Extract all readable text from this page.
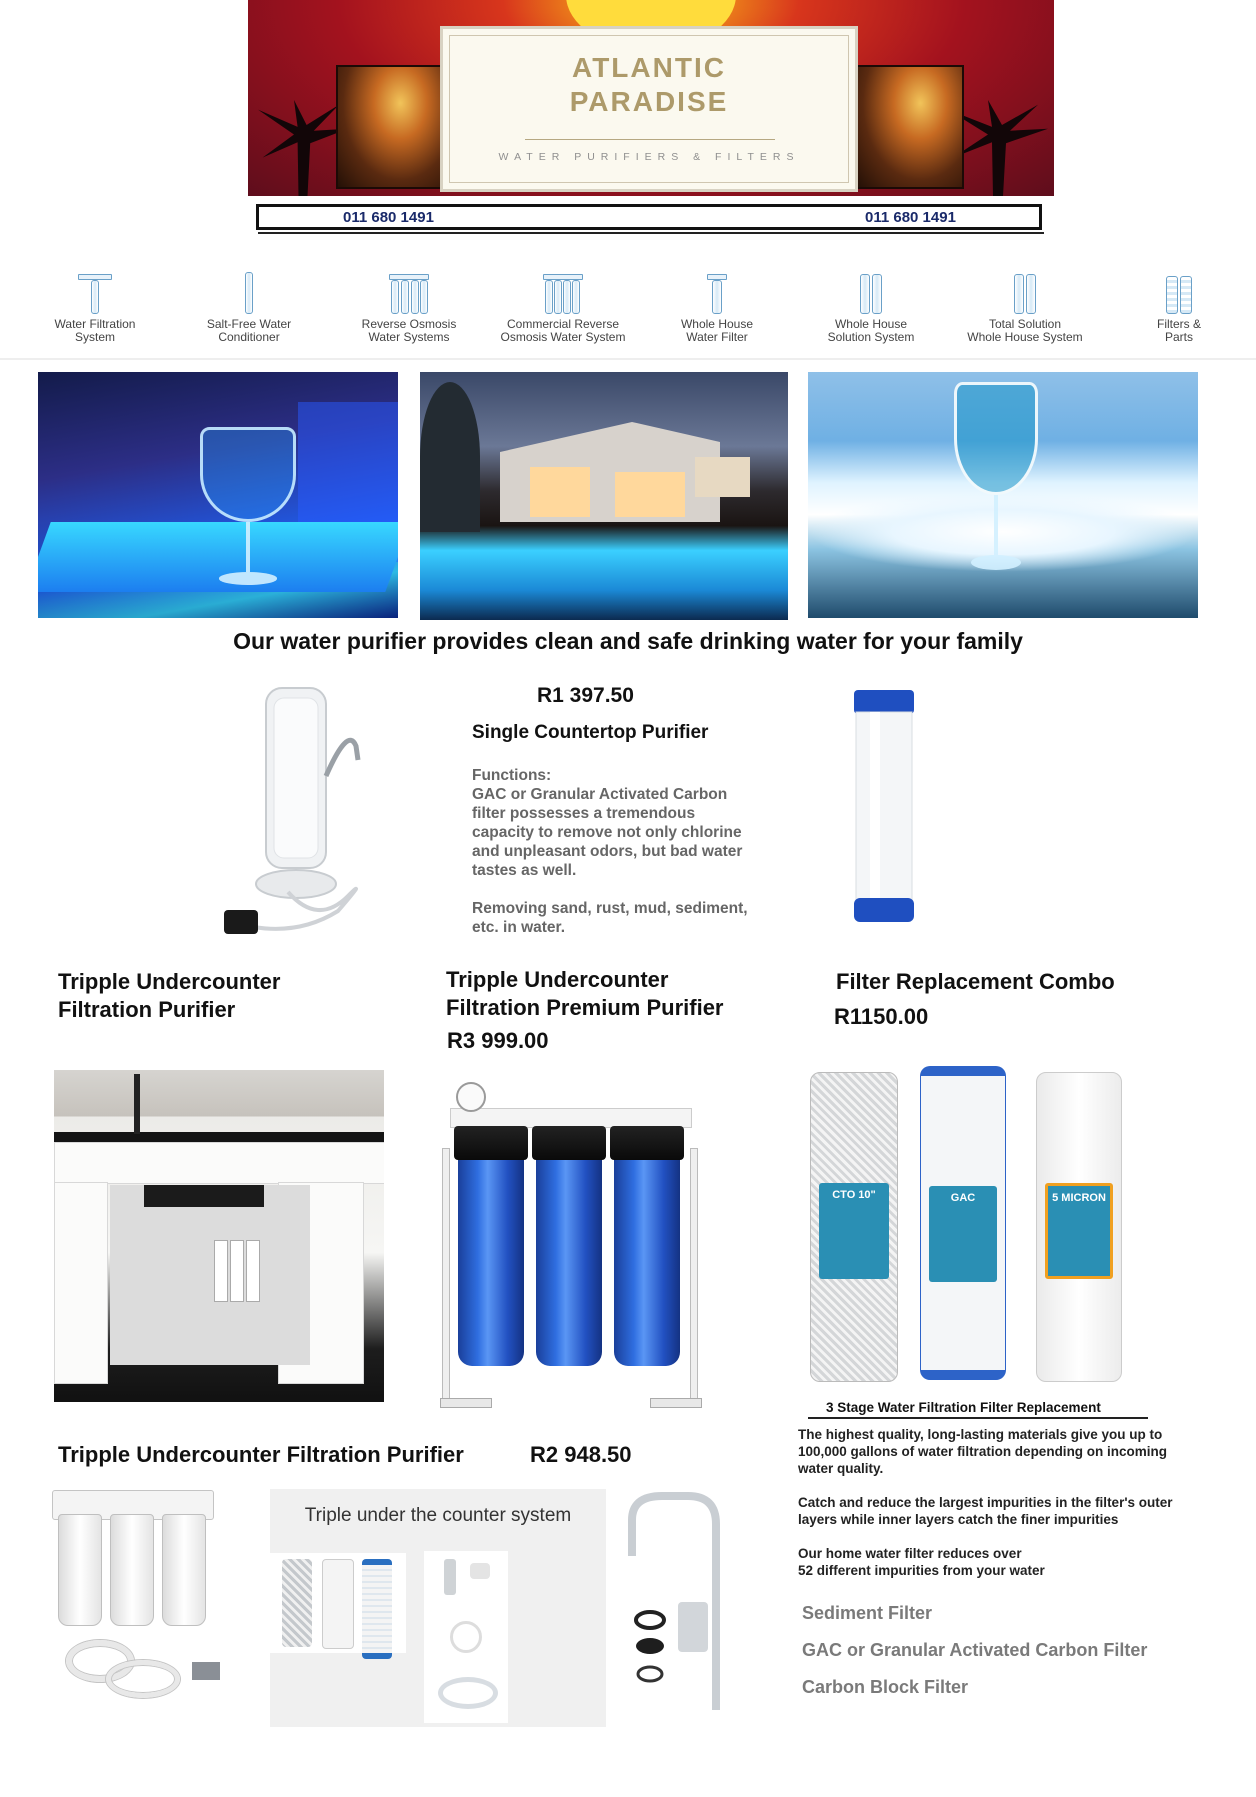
ATLANTIC
PARADISE
WATER PURIFIERS & FILTERS
011 680 1491	011 680 1491
Water Filtration
System
Salt-Free Water
Conditioner
Reverse Osmosis
Water Systems
Commercial Reverse
Osmosis Water System
Whole House
Water Filter
Whole House
Solution System
Total Solution
Whole House System
Filters &
Parts
Our water purifier provides clean and safe drinking water for your family
R1 397.50
Single Countertop Purifier
Functions:
GAC or Granular Activated Carbon
filter possesses a tremendous
capacity to remove not only chlorine
and unpleasant odors, but bad water
tastes as well.

Removing sand, rust, mud, sediment,
etc. in water.
Tripple Undercounter
Filtration Purifier
Tripple Undercounter
Filtration Premium Purifier
R3 999.00
Filter Replacement Combo
R1150.00
CTO 10"	GAC	5 MICRON
3 Stage Water Filtration Filter Replacement
The highest quality, long-lasting materials give you up to
100,000 gallons of water filtration depending on incoming
water quality.

Catch and reduce the largest impurities in the filter's outer
layers while inner layers catch the finer impurities

Our home water filter reduces over
52 different impurities from your water
Sediment Filter
GAC or Granular Activated Carbon Filter
Carbon Block Filter
Tripple Undercounter Filtration Purifier	R2 948.50
Triple under the counter system
